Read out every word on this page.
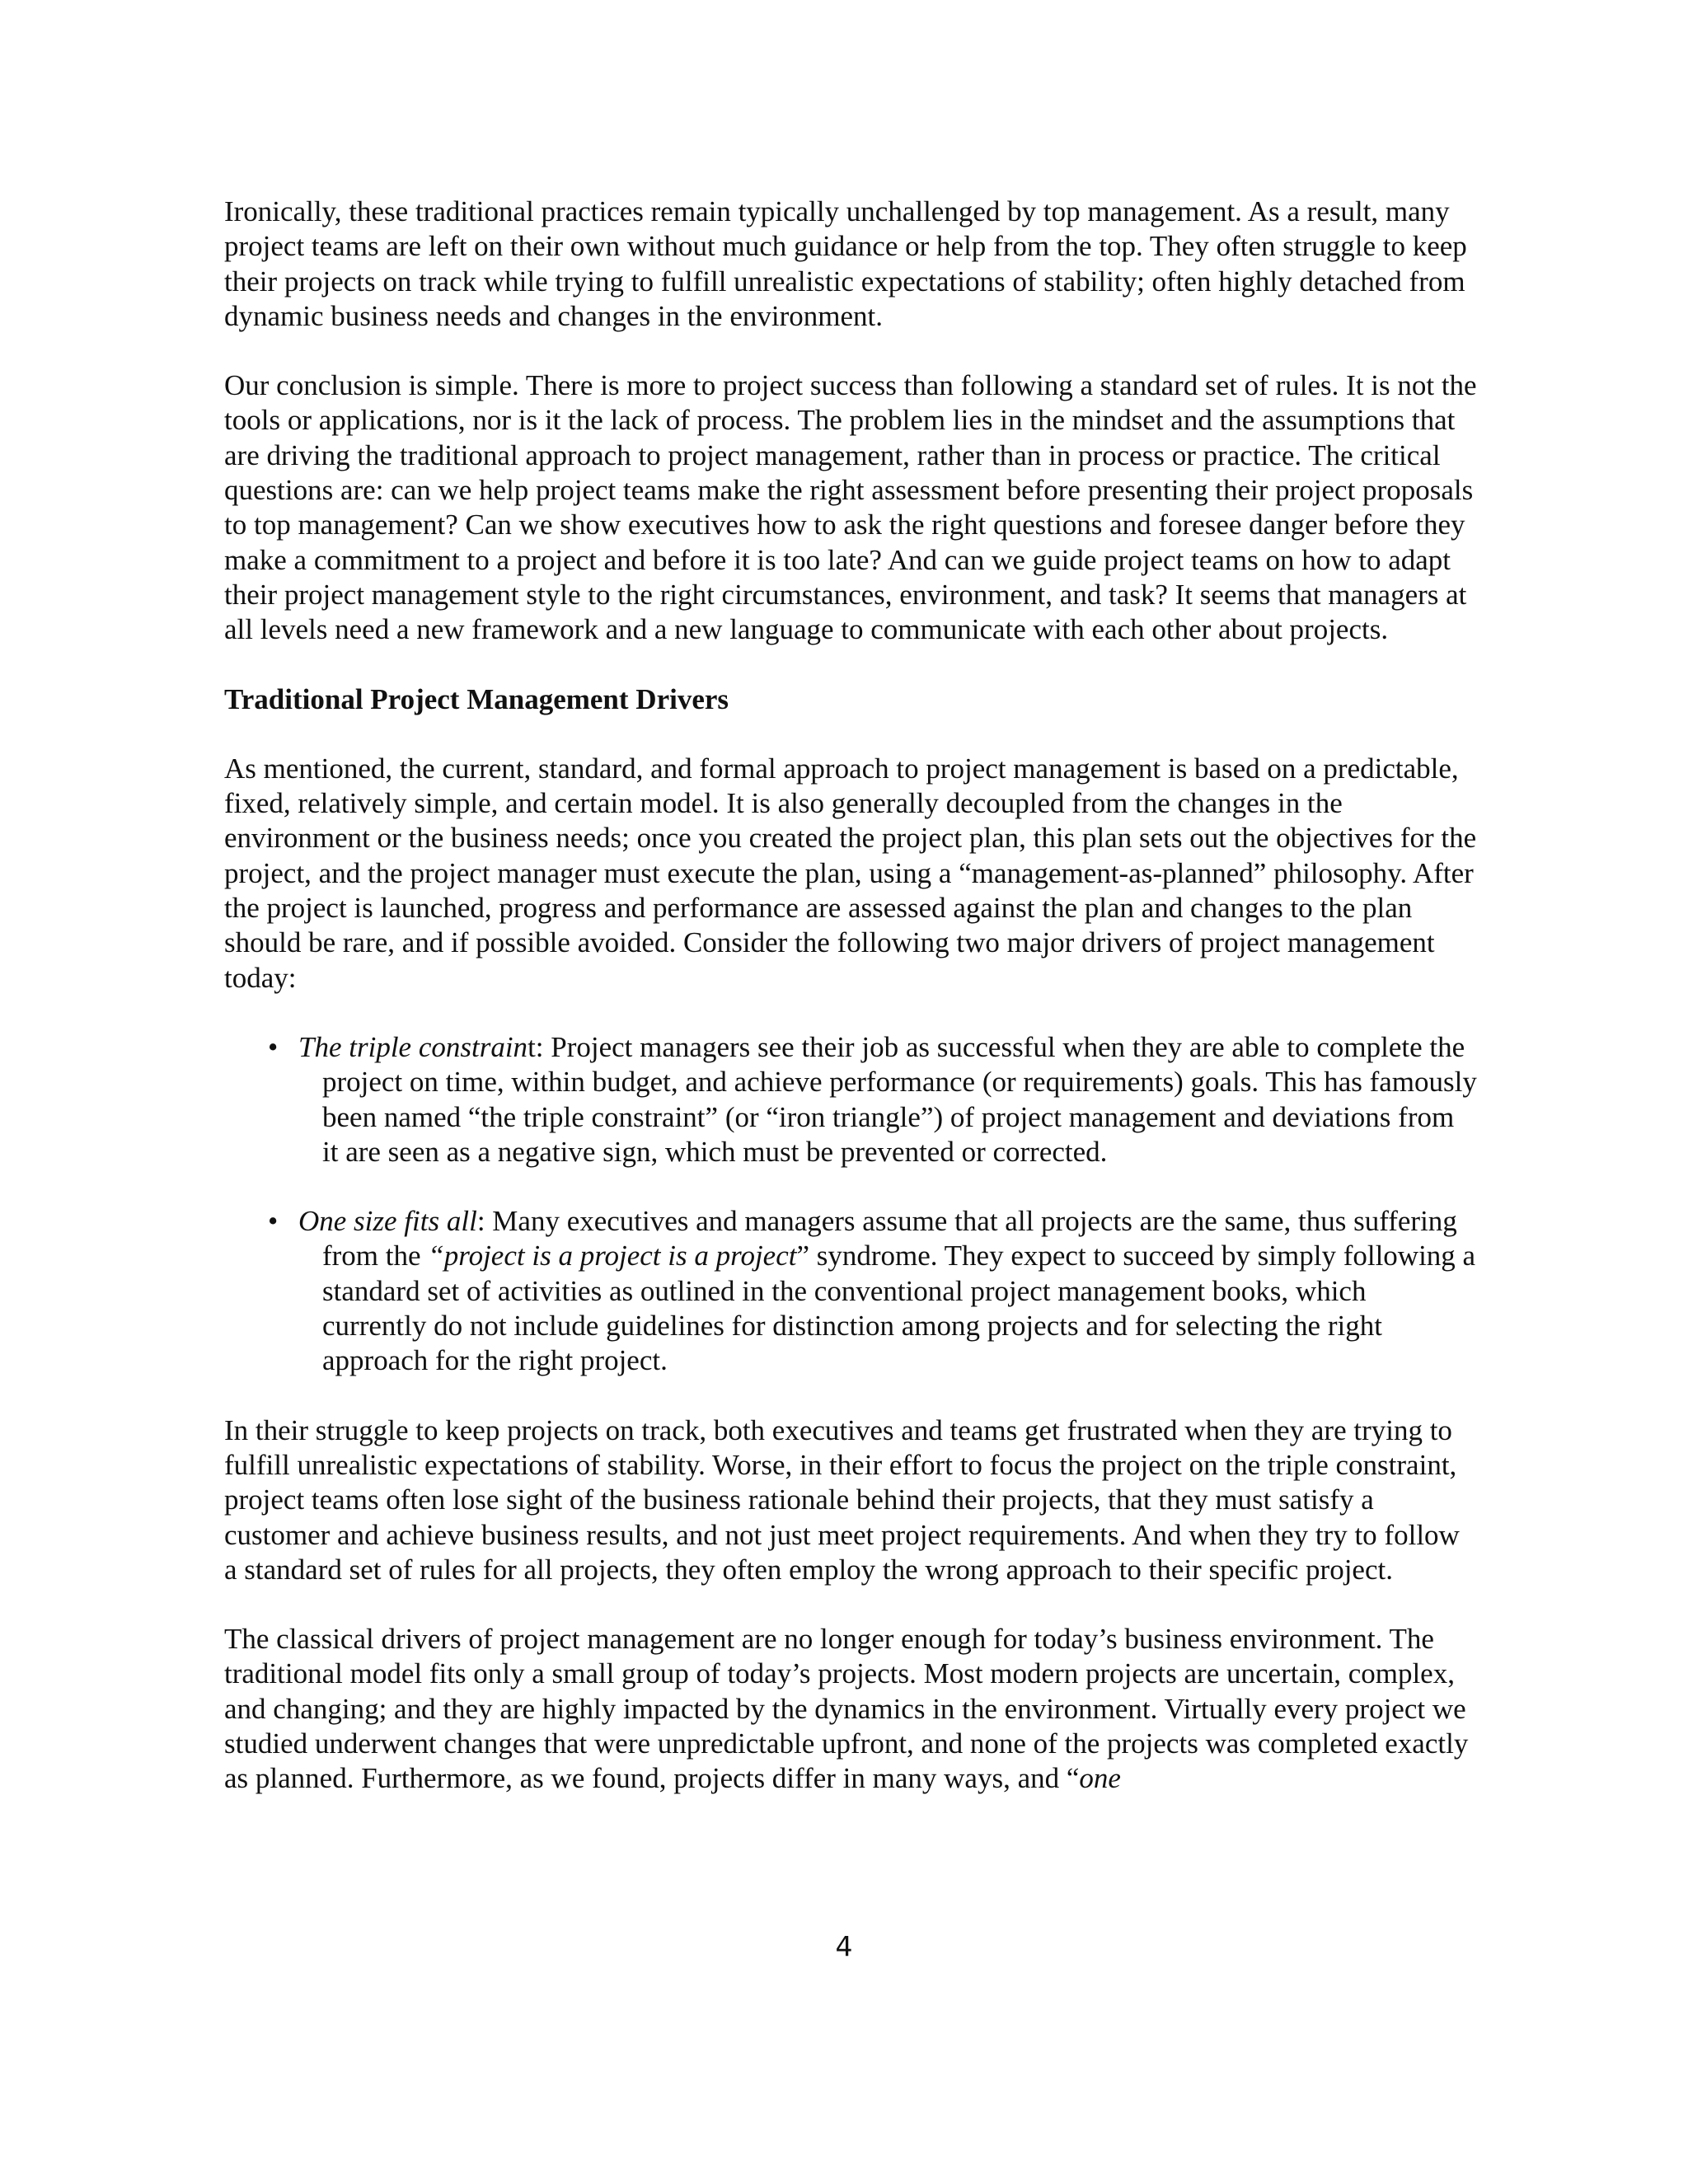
Ironically, these traditional practices remain typically unchallenged by top management. As a result, many project teams are left on their own without much guidance or help from the top. They often struggle to keep their projects on track while trying to fulfill unrealistic expectations of stability; often highly detached from dynamic business needs and changes in the environment.

Our conclusion is simple. There is more to project success than following a standard set of rules. It is not the tools or applications, nor is it the lack of process. The problem lies in the mindset and the assumptions that are driving the traditional approach to project management, rather than in process or practice. The critical questions are: can we help project teams make the right assessment before presenting their project proposals to top management? Can we show executives how to ask the right questions and foresee danger before they make a commitment to a project and before it is too late? And can we guide project teams on how to adapt their project management style to the right circumstances, environment, and task? It seems that managers at all levels need a new framework and a new language to communicate with each other about projects.

Traditional Project Management Drivers

As mentioned, the current, standard, and formal approach to project management is based on a predictable, fixed, relatively simple, and certain model. It is also generally decoupled from the changes in the environment or the business needs; once you created the project plan, this plan sets out the objectives for the project, and the project manager must execute the plan, using a “management-as-planned” philosophy. After the project is launched, progress and performance are assessed against the plan and changes to the plan should be rare, and if possible avoided. Consider the following two major drivers of project management today:

• The triple constraint: Project managers see their job as successful when they are able to complete the project on time, within budget, and achieve performance (or requirements) goals. This has famously been named “the triple constraint” (or “iron triangle”) of project management and deviations from it are seen as a negative sign, which must be prevented or corrected.
• One size fits all: Many executives and managers assume that all projects are the same, thus suffering from the “project is a project is a project” syndrome. They expect to succeed by simply following a standard set of activities as outlined in the conventional project management books, which currently do not include guidelines for distinction among projects and for selecting the right approach for the right project.

In their struggle to keep projects on track, both executives and teams get frustrated when they are trying to fulfill unrealistic expectations of stability. Worse, in their effort to focus the project on the triple constraint, project teams often lose sight of the business rationale behind their projects, that they must satisfy a customer and achieve business results, and not just meet project requirements. And when they try to follow a standard set of rules for all projects, they often employ the wrong approach to their specific project.

The classical drivers of project management are no longer enough for today’s business environment. The traditional model fits only a small group of today’s projects. Most modern projects are uncertain, complex, and changing; and they are highly impacted by the dynamics in the environment. Virtually every project we studied underwent changes that were unpredictable upfront, and none of the projects was completed exactly as planned. Furthermore, as we found, projects differ in many ways, and “one

4
